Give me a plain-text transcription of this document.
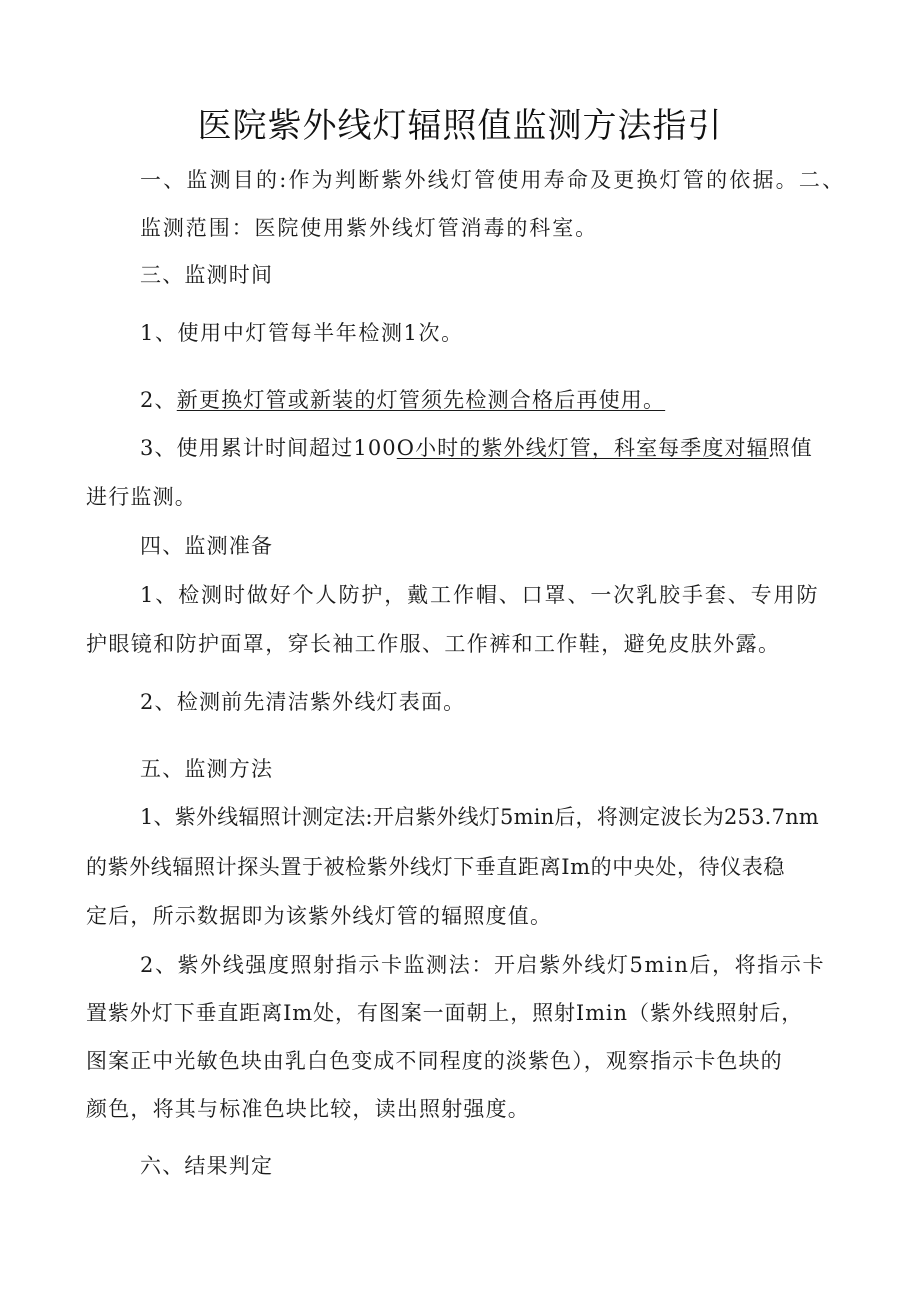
医院紫外线灯辐照值监测方法指引
一、监测目的:作为判断紫外线灯管使用寿命及更换灯管的依据。二、
监测范围：医院使用紫外线灯管消毒的科室。
三、监测时间
1、使用中灯管每半年检测1次。
2、新更换灯管或新装的灯管须先检测合格后再使用。
3、使用累计时间超过100O小时的紫外线灯管，科室每季度对辐照值
进行监测。
四、监测准备
1、检测时做好个人防护，戴工作帽、口罩、一次乳胶手套、专用防
护眼镜和防护面罩，穿长袖工作服、工作裤和工作鞋，避免皮肤外露。
2、检测前先清洁紫外线灯表面。
五、监测方法
1、紫外线辐照计测定法:开启紫外线灯5min后，将测定波长为253.7nm
的紫外线辐照计探头置于被检紫外线灯下垂直距离Im的中央处，待仪表稳
定后，所示数据即为该紫外线灯管的辐照度值。
2、紫外线强度照射指示卡监测法：开启紫外线灯5min后，将指示卡
置紫外灯下垂直距离Im处，有图案一面朝上，照射Imin（紫外线照射后，
图案正中光敏色块由乳白色变成不同程度的淡紫色），观察指示卡色块的
颜色，将其与标准色块比较，读出照射强度。
六、结果判定
